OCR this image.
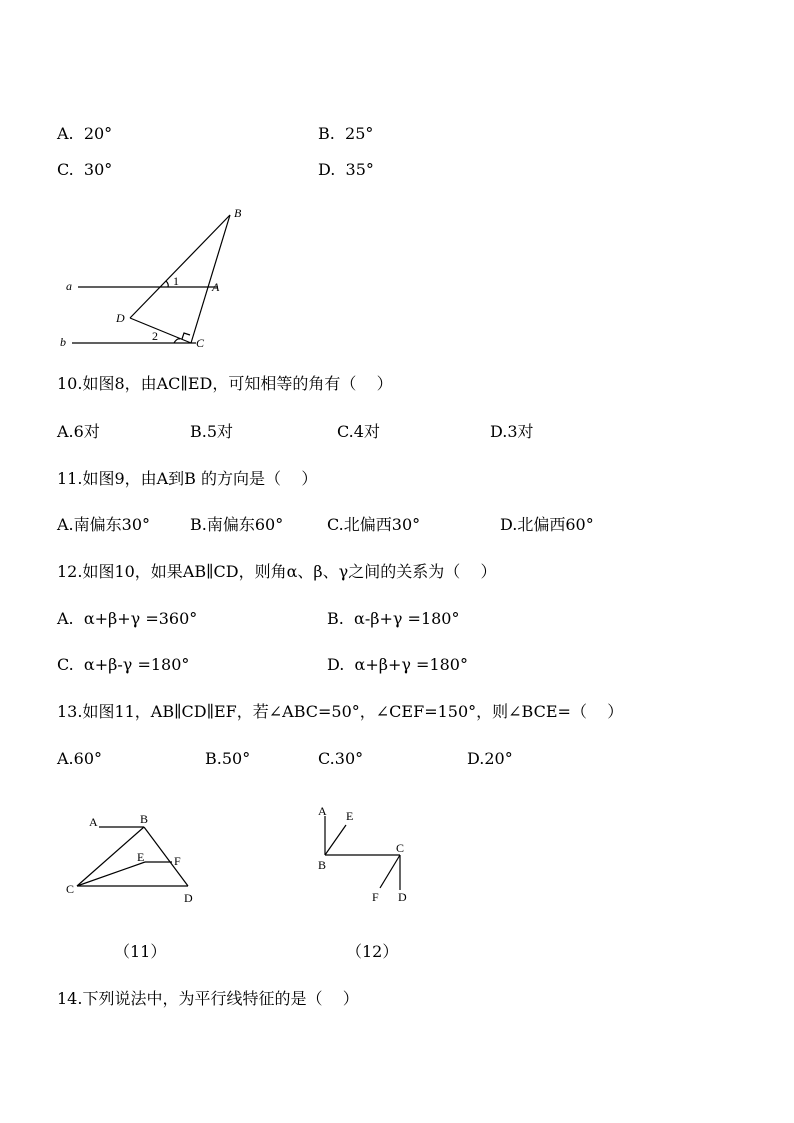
A.  20°	B.  25°
C.  30°	D.  35°
B
a	1	A
D
b	2	C
10.如图8，由AC∥ED，可知相等的角有（    ）
A.6对	B.5对	C.4对	D.3对
11.如图9，由A到B 的方向是（    ）
A.南偏东30° B.南偏东60°	C.北偏西30°	D.北偏西60°
12.如图10，如果AB∥CD，则角α、β、γ之间的关系为（    ）
A.  α+β+γ =360°	B.  α-β+γ =180°
C.  α+β-γ =180°	D.  α+β+γ =180°
13.如图11，AB∥CD∥EF，若∠ABC=50°，∠CEF=150°，则∠BCE=（    ）
A.60°	B.50°	C.30°	D.20°
A	B
E F
C
D
A E
B
C
F D
（11）	（12）
14.下列说法中，为平行线特征的是（    ）
